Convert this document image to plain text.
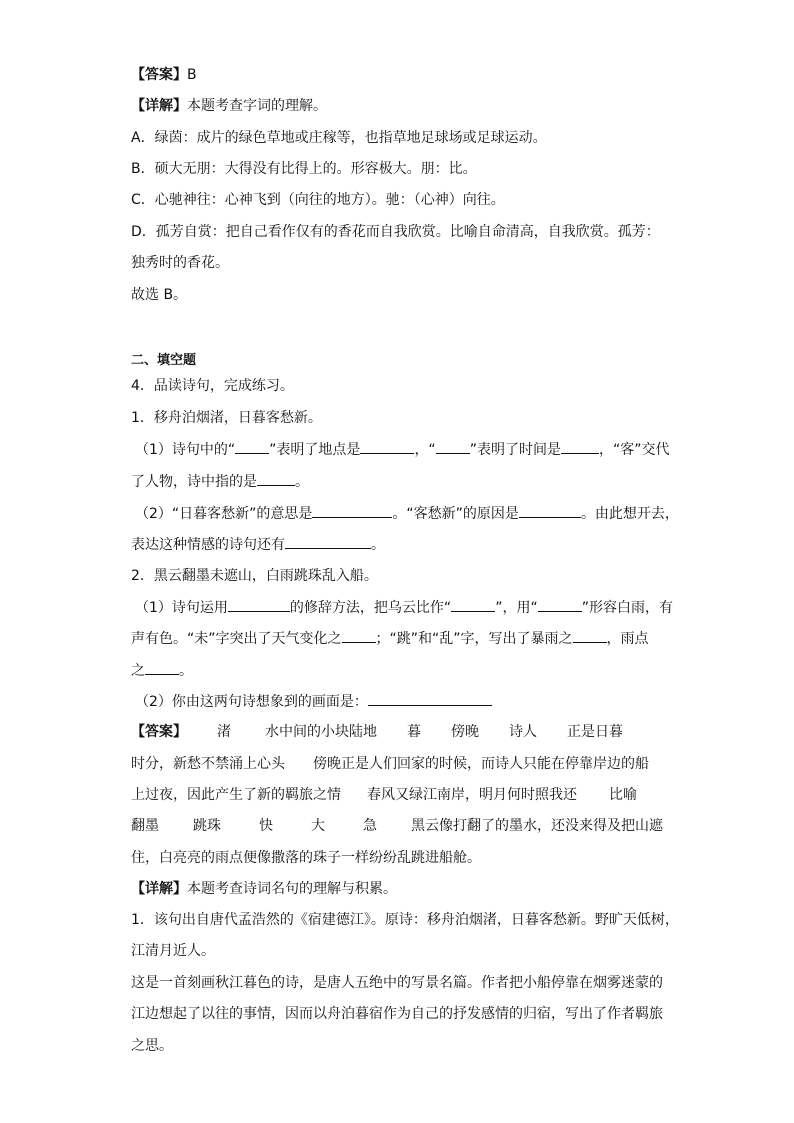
【答案】B

【详解】本题考查字词的理解。

A．绿茵：成片的绿色草地或庄稼等，也指草地足球场或足球运动。

B．硕大无朋：大得没有比得上的。形容极大。朋：比。

C．心驰神往：心神飞到（向往的地方）。驰：（心神）向往。

D．孤芳自赏：把自己看作仅有的香花而自我欣赏。比喻自命清高，自我欣赏。孤芳：

独秀时的香花。

故选 B。

二、填空题

4．品读诗句，完成练习。

1．移舟泊烟渚，日暮客愁新。

（1）诗句中的“ ”表明了地点是	，“ ”表明了时间是	，“客”交代

了人物，诗中指的是	。

（2）“日暮客愁新”的意思是	。“客愁新”的原因是	。由此想开去，

表达这种情感的诗句还有	。

2．黑云翻墨未遮山，白雨跳珠乱入船。

（1）诗句运用	的修辞方法，把乌云比作“	”，用“	”形容白雨，有

声有色。“未”字突出了天气变化之 ；“跳”和“乱”字，写出了暴雨之 ，雨点

之 。

（2）你由这两句诗想象到的画面是：

【答案】 渚 水中间的小块陆地 暮 傍晚 诗人 正是日暮

时分，新愁不禁涌上心头 傍晚正是人们回家的时候，而诗人只能在停靠岸边的船

上过夜，因此产生了新的羁旅之情 春风又绿江南岸，明月何时照我还 比喻

翻墨 跳珠	快	大	急 黑云像打翻了的墨水，还没来得及把山遮

住，白亮亮的雨点便像撒落的珠子一样纷纷乱跳进船舱。

【详解】本题考查诗词名句的理解与积累。

1．该句出自唐代孟浩然的《宿建德江》。原诗：移舟泊烟渚，日暮客愁新。野旷天低树，

江清月近人。

这是一首刻画秋江暮色的诗，是唐人五绝中的写景名篇。作者把小船停靠在烟雾迷蒙的

江边想起了以往的事情，因而以舟泊暮宿作为自己的抒发感情的归宿，写出了作者羁旅

之思。
